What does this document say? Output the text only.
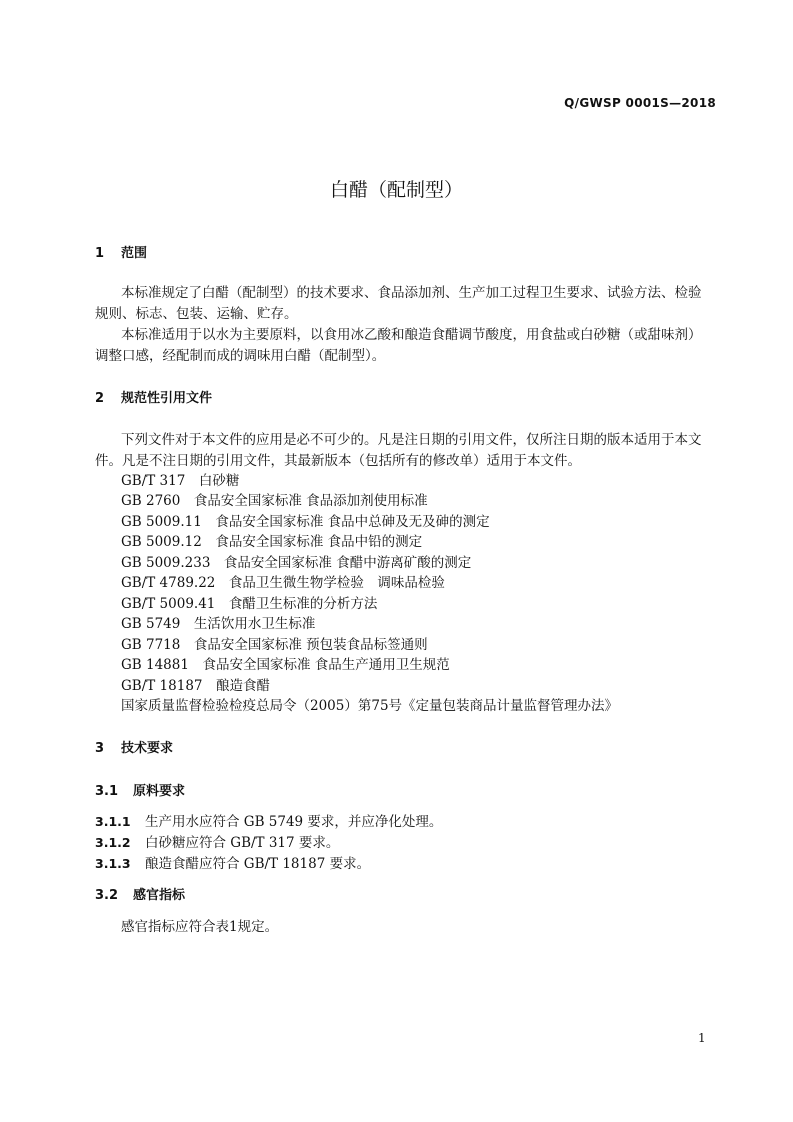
Q/GWSP 0001S—2018
白醋（配制型）
1 范围
本标准规定了白醋（配制型）的技术要求、食品添加剂、生产加工过程卫生要求、试验方法、检验
规则、标志、包装、运输、贮存。
本标准适用于以水为主要原料，以食用冰乙酸和酿造食醋调节酸度，用食盐或白砂糖（或甜味剂）
调整口感，经配制而成的调味用白醋（配制型）。
2 规范性引用文件
下列文件对于本文件的应用是必不可少的。凡是注日期的引用文件，仅所注日期的版本适用于本文
件。凡是不注日期的引用文件，其最新版本（包括所有的修改单）适用于本文件。
GB/T 317　白砂糖
GB 2760　食品安全国家标准 食品添加剂使用标准
GB 5009.11　食品安全国家标准 食品中总砷及无及砷的测定
GB 5009.12　食品安全国家标准 食品中铅的测定
GB 5009.233　食品安全国家标准 食醋中游离矿酸的测定
GB/T 4789.22　食品卫生微生物学检验　调味品检验
GB/T 5009.41　食醋卫生标准的分析方法
GB 5749　生活饮用水卫生标准
GB 7718　食品安全国家标准 预包装食品标签通则
GB 14881　食品安全国家标准 食品生产通用卫生规范
GB/T 18187　酿造食醋
国家质量监督检验检疫总局令（2005）第75号《定量包装商品计量监督管理办法》
3 技术要求
3.1 原料要求
3.1.1 生产用水应符合 GB 5749 要求，并应净化处理。
3.1.2 白砂糖应符合 GB/T 317 要求。
3.1.3 酿造食醋应符合 GB/T 18187 要求。
3.2 感官指标
感官指标应符合表1规定。
1
